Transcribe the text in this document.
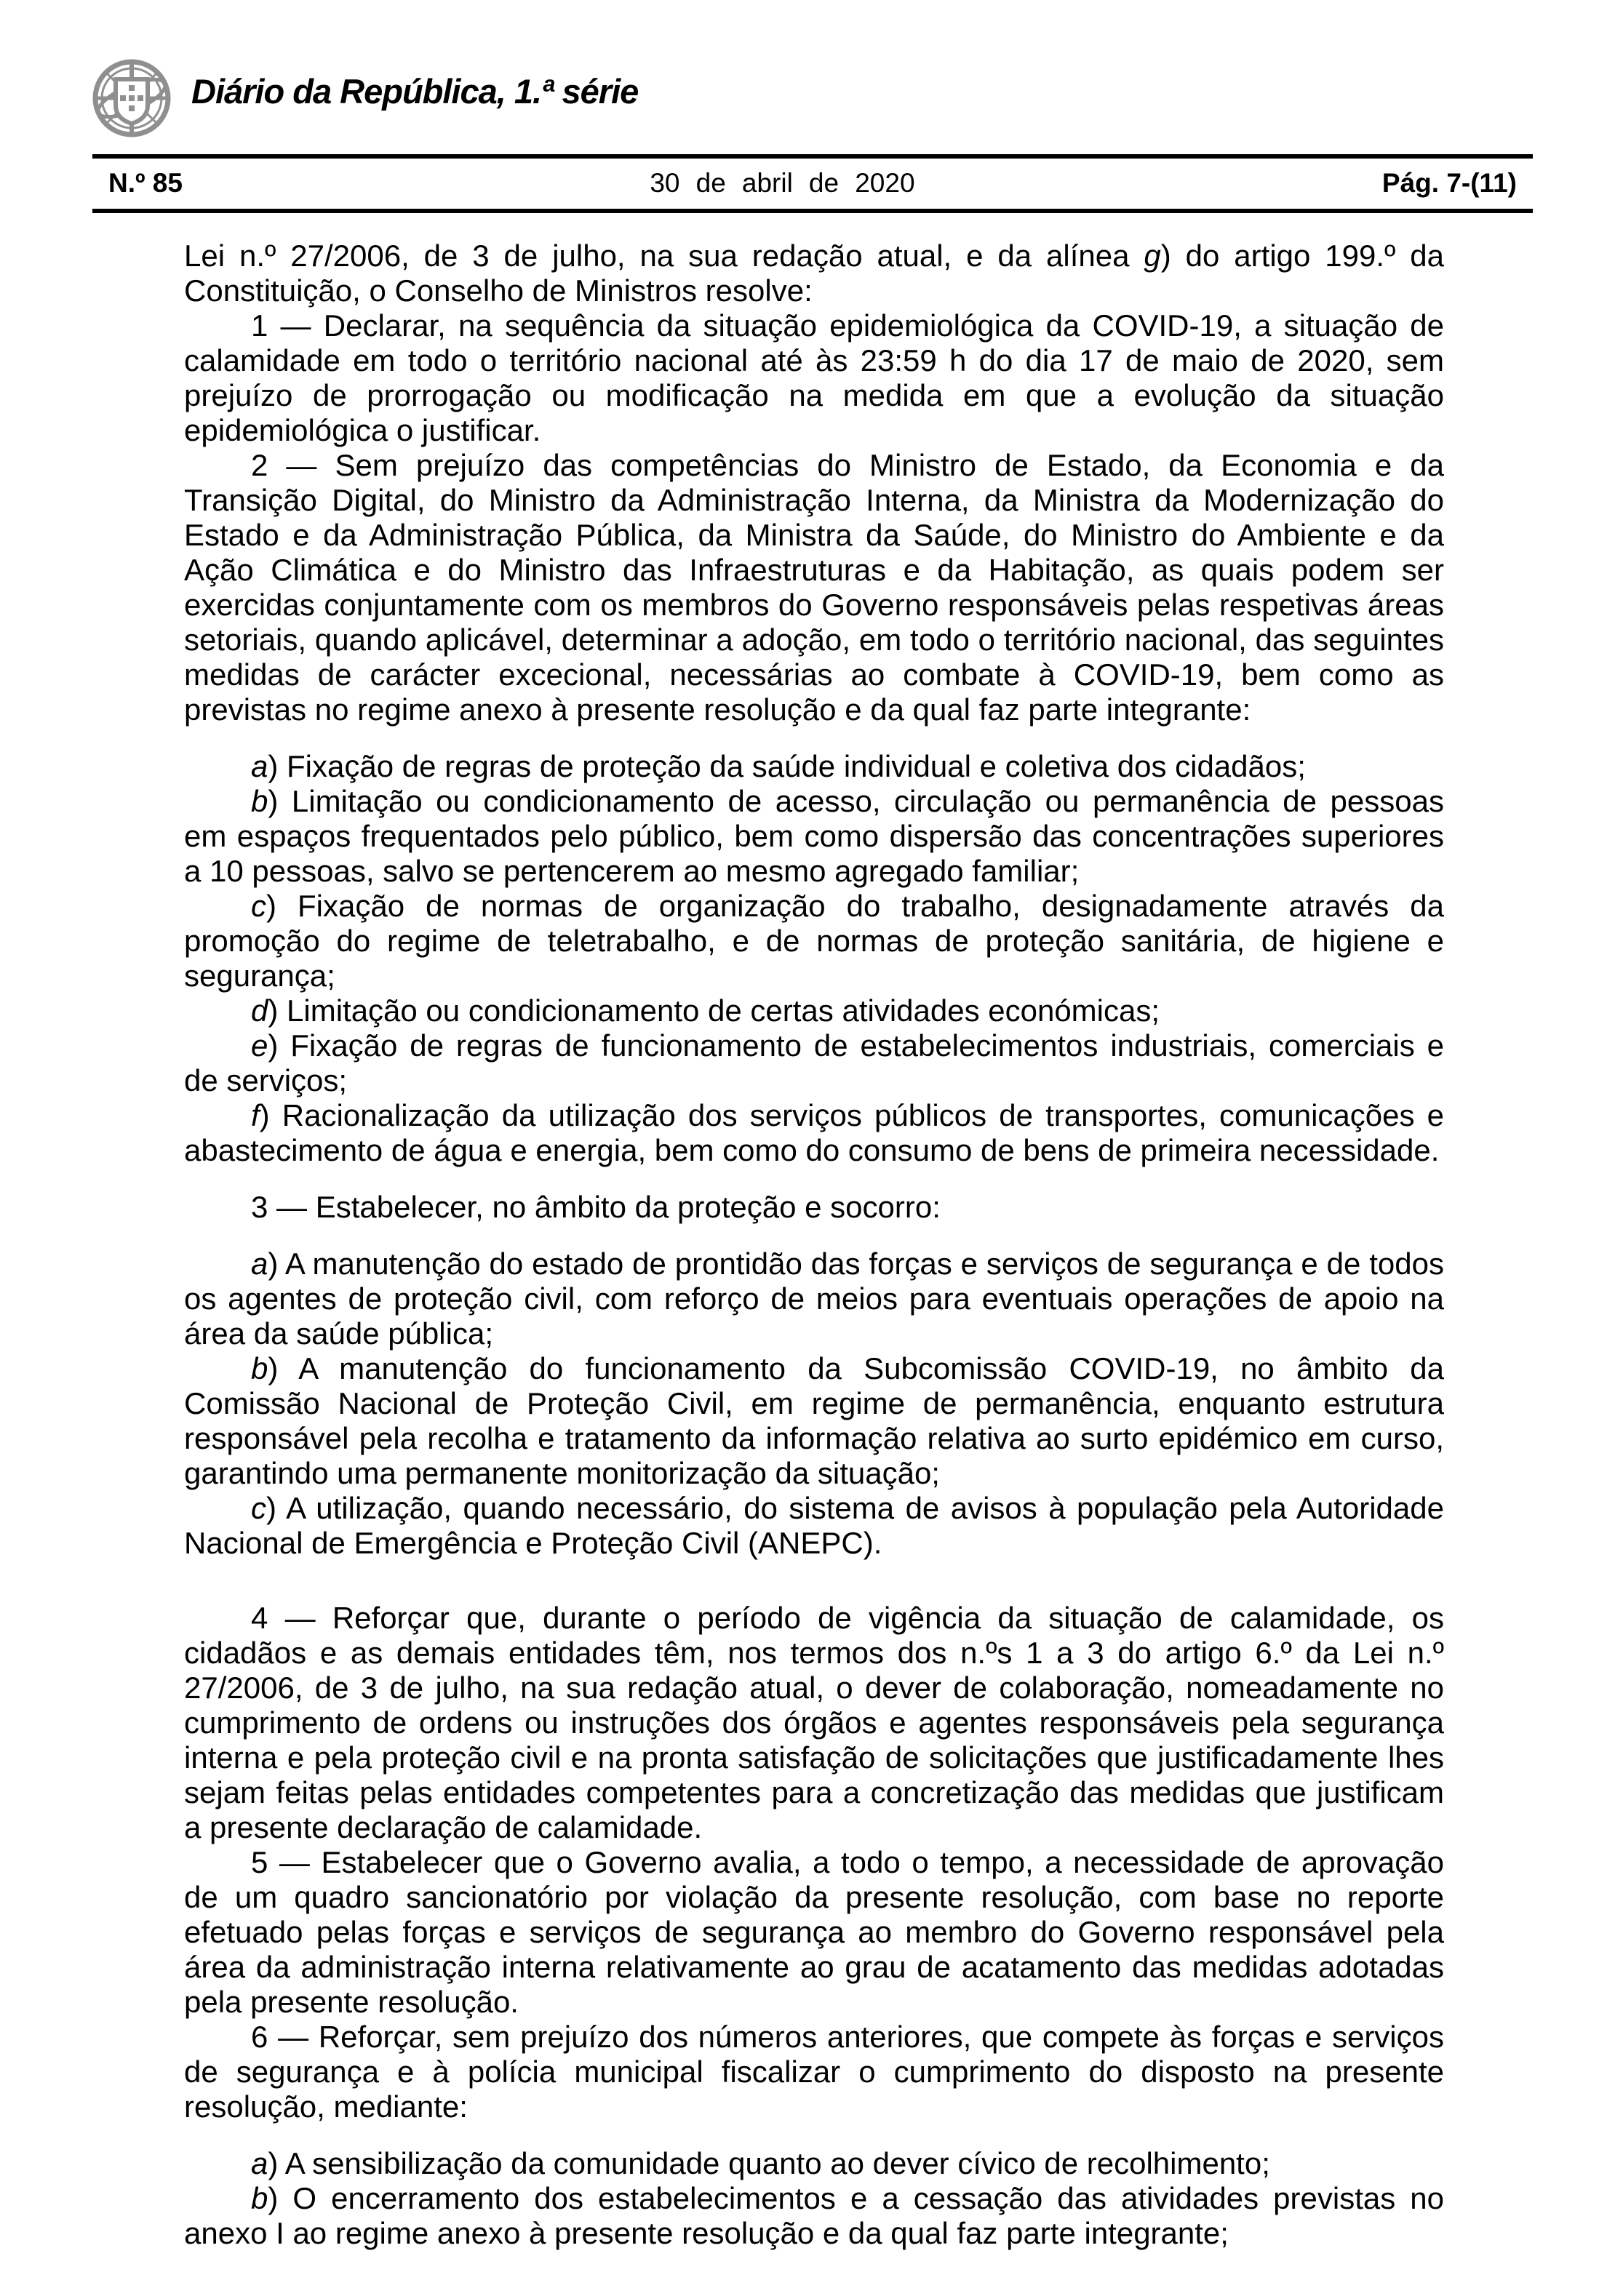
Diário da República, 1.ª série
N.º 85	30 de abril de 2020	Pág. 7-(11)

Lei n.º 27/2006, de 3 de julho, na sua redação atual, e da alínea g) do artigo 199.º da Constituição, o Conselho de Ministros resolve:

1 — Declarar, na sequência da situação epidemiológica da COVID-19, a situação de calamidade em todo o território nacional até às 23:59 h do dia 17 de maio de 2020, sem prejuízo de prorrogação ou modificação na medida em que a evolução da situação epidemiológica o justificar.

2 — Sem prejuízo das competências do Ministro de Estado, da Economia e da Transição Digital, do Ministro da Administração Interna, da Ministra da Modernização do Estado e da Administração Pública, da Ministra da Saúde, do Ministro do Ambiente e da Ação Climática e do Ministro das Infraestruturas e da Habitação, as quais podem ser exercidas conjuntamente com os membros do Governo responsáveis pelas respetivas áreas setoriais, quando aplicável, determinar a adoção, em todo o território nacional, das seguintes medidas de carácter excecional, necessárias ao combate à COVID-19, bem como as previstas no regime anexo à presente resolução e da qual faz parte integrante:

a) Fixação de regras de proteção da saúde individual e coletiva dos cidadãos;

b) Limitação ou condicionamento de acesso, circulação ou permanência de pessoas em espaços frequentados pelo público, bem como dispersão das concentrações superiores a 10 pessoas, salvo se pertencerem ao mesmo agregado familiar;

c) Fixação de normas de organização do trabalho, designadamente através da promoção do regime de teletrabalho, e de normas de proteção sanitária, de higiene e segurança;

d) Limitação ou condicionamento de certas atividades económicas;

e) Fixação de regras de funcionamento de estabelecimentos industriais, comerciais e de serviços;

f) Racionalização da utilização dos serviços públicos de transportes, comunicações e abastecimento de água e energia, bem como do consumo de bens de primeira necessidade.

3 — Estabelecer, no âmbito da proteção e socorro:

a) A manutenção do estado de prontidão das forças e serviços de segurança e de todos os agentes de proteção civil, com reforço de meios para eventuais operações de apoio na área da saúde pública;

b) A manutenção do funcionamento da Subcomissão COVID-19, no âmbito da Comissão Nacional de Proteção Civil, em regime de permanência, enquanto estrutura responsável pela recolha e tratamento da informação relativa ao surto epidémico em curso, garantindo uma permanente monitorização da situação;

c) A utilização, quando necessário, do sistema de avisos à população pela Autoridade Nacional de Emergência e Proteção Civil (ANEPC).

4 — Reforçar que, durante o período de vigência da situação de calamidade, os cidadãos e as demais entidades têm, nos termos dos n.ºs 1 a 3 do artigo 6.º da Lei n.º 27/2006, de 3 de julho, na sua redação atual, o dever de colaboração, nomeadamente no cumprimento de ordens ou instruções dos órgãos e agentes responsáveis pela segurança interna e pela proteção civil e na pronta satisfação de solicitações que justificadamente lhes sejam feitas pelas entidades competentes para a concretização das medidas que justificam a presente declaração de calamidade.

5 — Estabelecer que o Governo avalia, a todo o tempo, a necessidade de aprovação de um quadro sancionatório por violação da presente resolução, com base no reporte efetuado pelas forças e serviços de segurança ao membro do Governo responsável pela área da administração interna relativamente ao grau de acatamento das medidas adotadas pela presente resolução.

6 — Reforçar, sem prejuízo dos números anteriores, que compete às forças e serviços de segurança e à polícia municipal fiscalizar o cumprimento do disposto na presente resolução, mediante:

a) A sensibilização da comunidade quanto ao dever cívico de recolhimento;

b) O encerramento dos estabelecimentos e a cessação das atividades previstas no anexo I ao regime anexo à presente resolução e da qual faz parte integrante;
